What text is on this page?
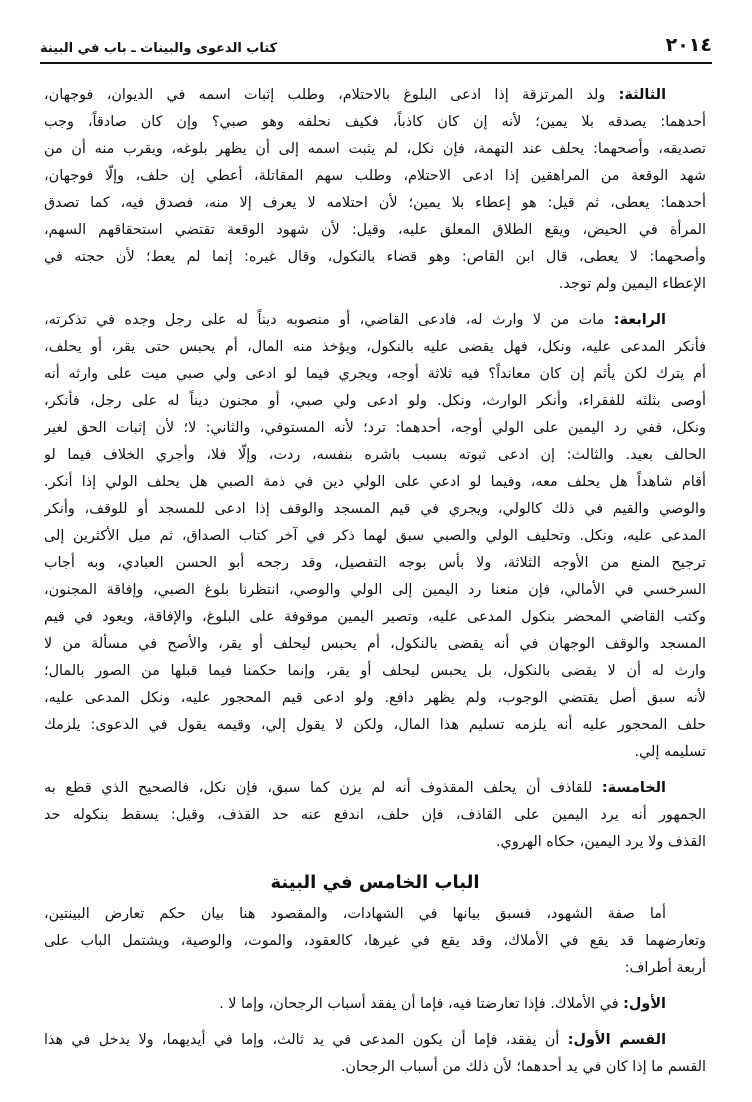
٢٠١٤
كتاب الدعوى والبينات ـ باب في البينة
الثالثة: ولد المرتزقة إذا ادعى البلوغ بالاحتلام، وطلب إثبات اسمه في الديوان، فوجهان،
أحدهما: يصدقه بلا يمين؛ لأنه إن كان كاذباً، فكيف نحلفه وهو صبي؟ وإن كان صادقاً، وجب
تصديقه، وأصحهما: يحلف عند التهمة، فإن نكل، لم يثبت اسمه إلى أن يظهر بلوغه، ويقرب منه أن من
شهد الوقعة من المراهقين إذا ادعى الاحتلام، وطلب سهم المقاتلة، أعطي إن حلف، وإلّا فوجهان،
أحدهما: يعطى، ثم قيل: هو إعطاء بلا يمين؛ لأن احتلامه لا يعرف إلا منه، فصدق فيه، كما تصدق
المرأة في الحيض، ويقع الطلاق المعلق عليه، وقيل: لأن شهود الوقعة تقتضي استحقاقهم السهم،
وأصحهما: لا يعطى، قال ابن القاص: وهو قضاء بالنكول، وقال غيره: إنما لم يعط؛ لأن حجته في
الإعطاء اليمين ولم توجد.
الرابعة: مات من لا وارث له، فادعى القاضي، أو منصوبه ديناً له على رجل وجده في تذكرته،
فأنكر المدعى عليه، ونكل، فهل يقضى عليه بالنكول، ويؤخذ منه المال، أم يحبس حتى يقر، أو يحلف،
أم يترك لكن يأثم إن كان معانداً؟ فيه ثلاثة أوجه، ويجري فيما لو ادعى ولي صبي ميت على وارثه أنه
أوصى بثلثه للفقراء، وأنكر الوارث، ونكل. ولو ادعى ولي صبي، أو مجنون ديناً له على رجل، فأنكر،
ونكل، ففي رد اليمين على الولي أوجه، أحدهما: ترد؛ لأنه المستوفي، والثاني: لا؛ لأن إثبات الحق لغير
الحالف بعيد. والثالث: إن ادعى ثبوته بسبب باشره بنفسه، ردت، وإلّا فلا، وأجري الخلاف فيما لو
أقام شاهداً هل يحلف معه، وفيما لو ادعي على الولي دين في ذمة الصبي هل يحلف الولي إذا أنكر.
والوصي والقيم في ذلك كالولي، ويجري في قيم المسجد والوقف إذا ادعى للمسجد أو للوقف، وأنكر
المدعى عليه، ونكل. وتحليف الولي والصبي سبق لهما ذكر في آخر كتاب الصداق، ثم ميل الأكثرين إلى
ترجيح المنع من الأوجه الثلاثة، ولا بأس بوجه التفصيل، وقد رجحه أبو الحسن العبادي، وبه أجاب
السرخسي في الأمالي، فإن منعنا رد اليمين إلى الولي والوصي، انتظرنا بلوغ الصبي، وإفاقة المجنون،
وكتب القاضي المحضر بنكول المدعى عليه، وتصير اليمين موقوفة على البلوغ، والإفاقة، ويعود في قيم
المسجد والوقف الوجهان في أنه يقضى بالنكول، أم يحبس ليحلف أو يقر، والأصح في مسألة من لا
وارث له أن لا يقضى بالنكول، بل يحبس ليحلف أو يقر، وإنما حكمنا فيما قبلها من الصور بالمال؛
لأنه سبق أصل يقتضي الوجوب، ولم يظهر دافع. ولو ادعى قيم المحجور عليه، ونكل المدعى عليه،
حلف المحجور عليه أنه يلزمه تسليم هذا المال، ولكن لا يقول إلي، وقيمه يقول في الدعوى: يلزمك
تسليمه إلي.
الخامسة: للقاذف أن يحلف المقذوف أنه لم يزن كما سبق، فإن نكل، فالصحيح الذي قطع به
الجمهور أنه يرد اليمين على القاذف، فإن حلف، اندفع عنه حد القذف، وقيل: يسقط بنكوله حد
القذف ولا يرد اليمين، حكاه الهروي.
الباب الخامس في البينة
أما صفة الشهود، فسبق بيانها في الشهادات، والمقصود هنا بيان حكم تعارض البينتين،
وتعارضهما قد يقع في الأملاك، وقد يقع في غيرها، كالعقود، والموت، والوصية، ويشتمل الباب على
أربعة أطراف:
الأول: في الأملاك. فإذا تعارضتا فيه، فإما أن يفقد أسباب الرجحان، وإما لا .
القسم الأول: أن يفقد، فإما أن يكون المدعى في يد ثالث، وإما في أيديهما، ولا يدخل في هذا
القسم ما إذا كان في يد أحدهما؛ لأن ذلك من أسباب الرجحان.
